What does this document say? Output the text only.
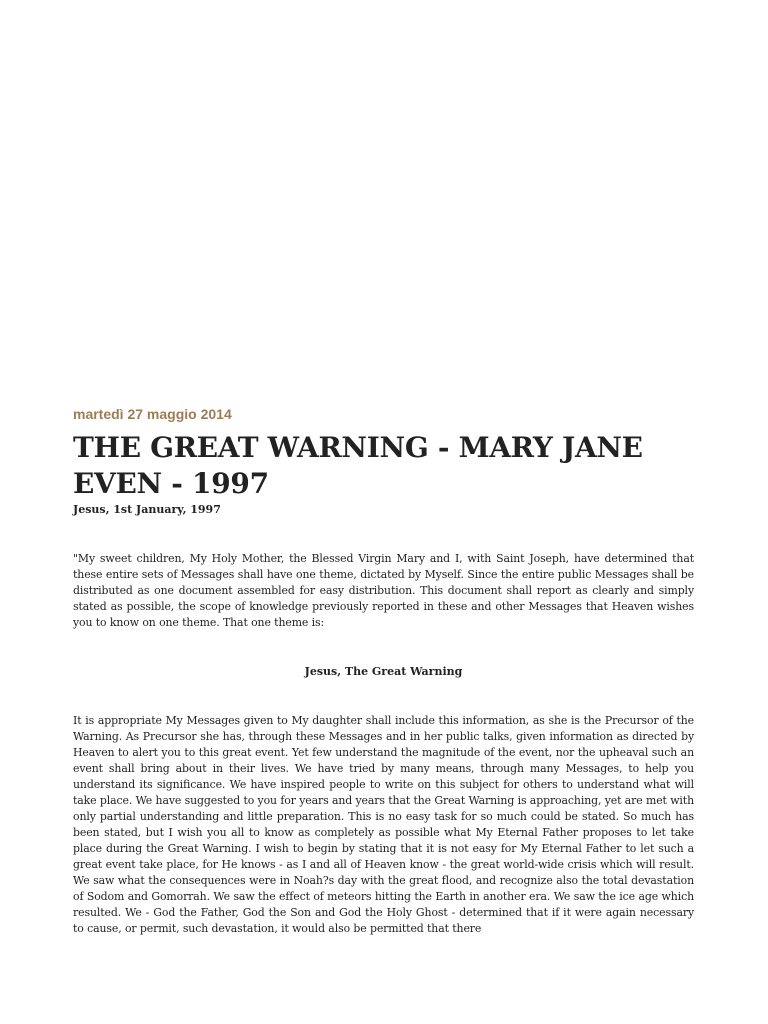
martedì 27 maggio 2014
THE GREAT WARNING - MARY JANE EVEN - 1997
Jesus, 1st January, 1997

"My sweet children, My Holy Mother, the Blessed Virgin Mary and I, with Saint Joseph, have determined that these entire sets of Messages shall have one theme, dictated by Myself. Since the entire public Messages shall be distributed as one document assembled for easy distribution. This document shall report as clearly and simply stated as possible, the scope of knowledge previously reported in these and other Messages that Heaven wishes you to know on one theme. That one theme is:

Jesus, The Great Warning

It is appropriate My Messages given to My daughter shall include this information, as she is the Precursor of the Warning. As Precursor she has, through these Messages and in her public talks, given information as directed by Heaven to alert you to this great event. Yet few understand the magnitude of the event, nor the upheaval such an event shall bring about in their lives. We have tried by many means, through many Messages, to help you understand its significance. We have inspired people to write on this subject for others to understand what will take place. We have suggested to you for years and years that the Great Warning is approaching, yet are met with only partial understanding and little preparation. This is no easy task for so much could be stated. So much has been stated, but I wish you all to know as completely as possible what My Eternal Father proposes to let take place during the Great Warning. I wish to begin by stating that it is not easy for My Eternal Father to let such a great event take place, for He knows - as I and all of Heaven know - the great world-wide crisis which will result. We saw what the consequences were in Noah?s day with the great flood, and recognize also the total devastation of Sodom and Gomorrah. We saw the effect of meteors hitting the Earth in another era. We saw the ice age which resulted. We - God the Father, God the Son and God the Holy Ghost - determined that if it were again necessary to cause, or permit, such devastation, it would also be permitted that there
